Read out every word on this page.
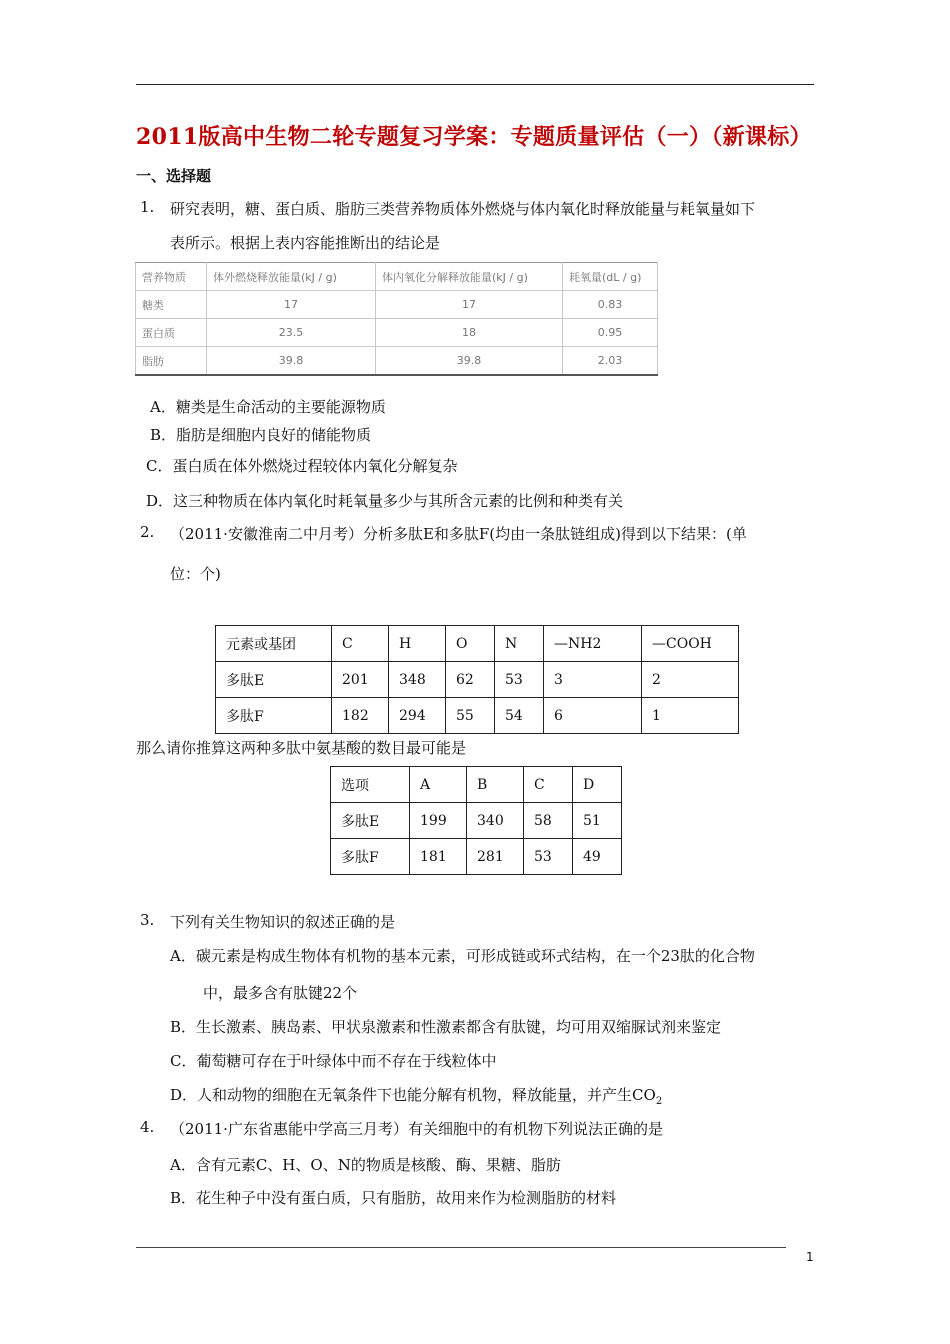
2011版高中生物二轮专题复习学案：专题质量评估（一）（新课标）
一、选择题
1. 研究表明，糖、蛋白质、脂肪三类营养物质体外燃烧与体内氧化时释放能量与耗氧量如下
表所示。根据上表内容能推断出的结论是
营养物质	体外燃烧释放能量(kJ / g)	体内氧化分解释放能量(kJ / g)	耗氧量(dL / g)
糖类	17	17	0.83
蛋白质	23.5	18	0.95
脂肪	39.8	39.8	2.03
A．糖类是生命活动的主要能源物质
B．脂肪是细胞内良好的储能物质
C．蛋白质在体外燃烧过程较体内氧化分解复杂
D．这三种物质在体内氧化时耗氧量多少与其所含元素的比例和种类有关
2. （2011·安徽淮南二中月考）分析多肽E和多肽F(均由一条肽链组成)得到以下结果：(单
位：个)
元素或基团	C	H	O	N	—NH2	—COOH
多肽E	201	348	62	53	3	2
多肽F	182	294	55	54	6	1
那么请你推算这两种多肽中氨基酸的数目最可能是
选项	A	B	C	D
多肽E	199	340	58	51
多肽F	181	281	53	49
3. 下列有关生物知识的叙述正确的是
A．碳元素是构成生物体有机物的基本元素，可形成链或环式结构，在一个23肽的化合物
中，最多含有肽键22个
B．生长激素、胰岛素、甲状泉激素和性激素都含有肽键，均可用双缩脲试剂来鉴定
C．葡萄糖可存在于叶绿体中而不存在于线粒体中
D．人和动物的细胞在无氧条件下也能分解有机物，释放能量，并产生$CO_2$
4. （2011·广东省惠能中学高三月考）有关细胞中的有机物下列说法正确的是
A．含有元素C、H、O、N的物质是核酸、酶、果糖、脂肪
B．花生种子中没有蛋白质，只有脂肪，故用来作为检测脂肪的材料
1
